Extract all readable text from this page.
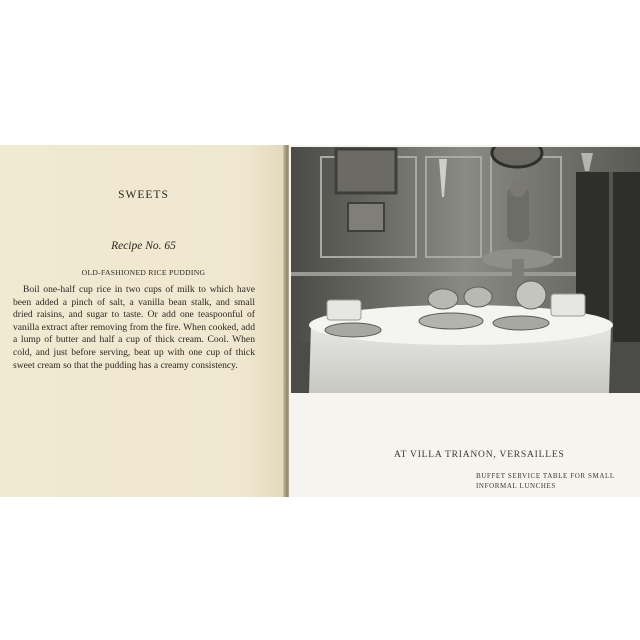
SWEETS
Recipe No. 65
OLD-FASHIONED RICE PUDDING
Boil one-half cup rice in two cups of milk to which have been added a pinch of salt, a vanilla bean stalk, and small dried raisins, and sugar to taste. Or add one teaspoonful of vanilla extract after removing from the fire. When cooked, add a lump of butter and half a cup of thick cream. Cool. When cold, and just before serving, beat up with one cup of thick sweet cream so that the pudding has a creamy consistency.
AT VILLA TRIANON, VERSAILLES
BUFFET SERVICE TABLE FOR SMALL INFORMAL LUNCHES
